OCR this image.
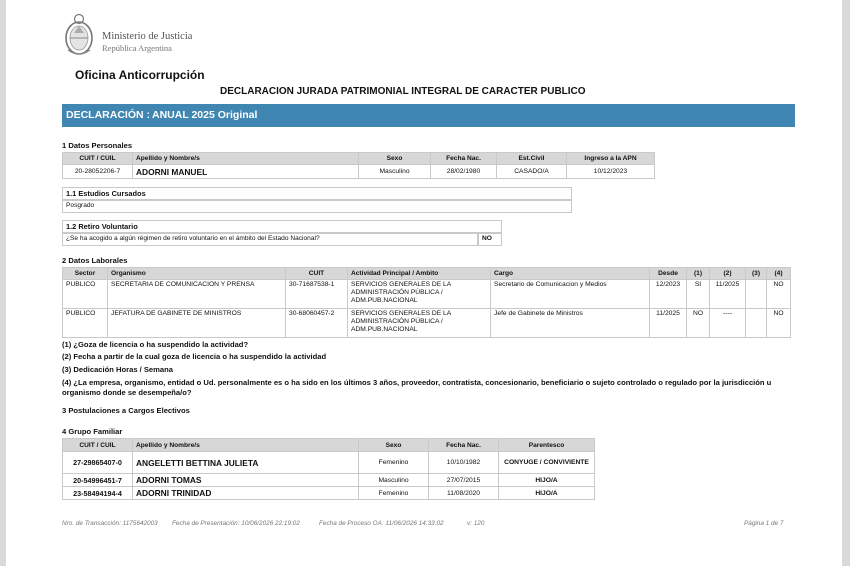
Ministerio de Justicia
República Argentina
Oficina Anticorrupción
DECLARACION JURADA PATRIMONIAL INTEGRAL DE CARACTER PUBLICO
DECLARACIÓN : ANUAL 2025 Original
1 Datos Personales
CUIT / CUIL	Apellido y Nombre/s	Sexo	Fecha Nac.	Est.Civil	Ingreso a la APN
20-28052206-7	ADORNI MANUEL	Masculino	28/02/1980	CASADO/A	10/12/2023
1.1 Estudios Cursados
Posgrado
1.2 Retiro Voluntario
¿Se ha acogido a algún régimen de retiro voluntario en el ámbito del Estado Nacional?	NO
2 Datos Laborales
Sector	Organismo	CUIT	Actividad Principal / Ambito	Cargo	Desde	(1)	(2)	(3)	(4)
PUBLICO	SECRETARIA DE COMUNICACION Y PRENSA	30-71687538-1	SERVICIOS GENERALES DE LA ADMINISTRACIÓN PÚBLICA / ADM.PUB.NACIONAL	Secretario de Comunicacion y Medios	12/2023	SI	11/2025		NO
PUBLICO	JEFATURA DE GABINETE DE MINISTROS	30-68060457-2	SERVICIOS GENERALES DE LA ADMINISTRACIÓN PÚBLICA / ADM.PUB.NACIONAL	Jefe de Gabinete de Ministros	11/2025	NO	----		NO
(1) ¿Goza de licencia o ha suspendido la actividad?
(2) Fecha a partir de la cual goza de licencia o ha suspendido la actividad
(3) Dedicación Horas / Semana
(4) ¿La empresa, organismo, entidad o Ud. personalmente es o ha sido en los últimos 3 años, proveedor, contratista, concesionario, beneficiario o sujeto controlado o regulado por la jurisdicción u organismo donde se desempeña/o?
3 Postulaciones a Cargos Electivos
4 Grupo Familiar
CUIT / CUIL	Apellido y Nombre/s	Sexo	Fecha Nac.	Parentesco
27-29865407-0	ANGELETTI BETTINA JULIETA	Femenino	10/10/1982	CONYUGE / CONVIVIENTE
20-54996451-7	ADORNI TOMAS	Masculino	27/07/2015	HIJO/A
23-58494194-4	ADORNI TRINIDAD	Femenino	11/08/2020	HIJO/A
Nro. de Transacción: 1175642003 Fecha de Presentación: 10/06/2026 22:19:02	Fecha de Proceso OA: 11/06/2026 14:33:02	v: 120	Página 1 de 7
